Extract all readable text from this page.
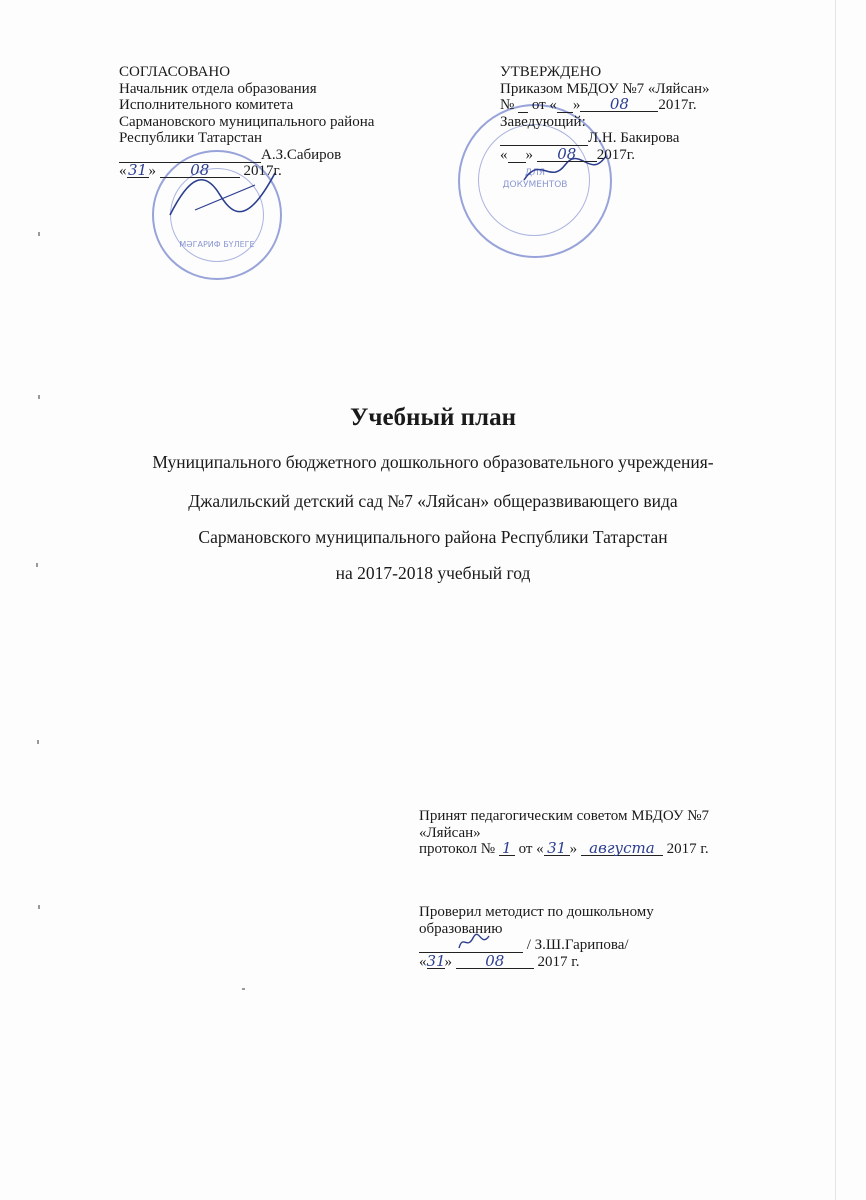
МӘГАРИФ БҮЛЕГЕ
ДЛЯ
ДОКУМЕНТОВ
СОГЛАСОВАНО
Начальник отдела образования
Исполнительного комитета
Сармановского муниципального района
Республики Татарстан
А.З.Сабиров
«31» 08 2017г.
УТВЕРЖДЕНО
Приказом МБДОУ №7 «Ляйсан»
№ от « » 08 2017г.
Заведующий:
Л.Н. Бакирова
« » 08 2017г.
Учебный план
Муниципального бюджетного дошкольного образовательного учреждения-
Джалильский детский сад №7 «Ляйсан» общеразвивающего вида
Сармановского муниципального района Республики Татарстан
на 2017-2018 учебный год
Принят педагогическим советом МБДОУ №7
«Ляйсан»
протокол № 1 от « 31 » августа 2017 г.
Проверил методист по дошкольному
образованию

/ З.Ш.Гарипова/
«31» 08 2017 г.
